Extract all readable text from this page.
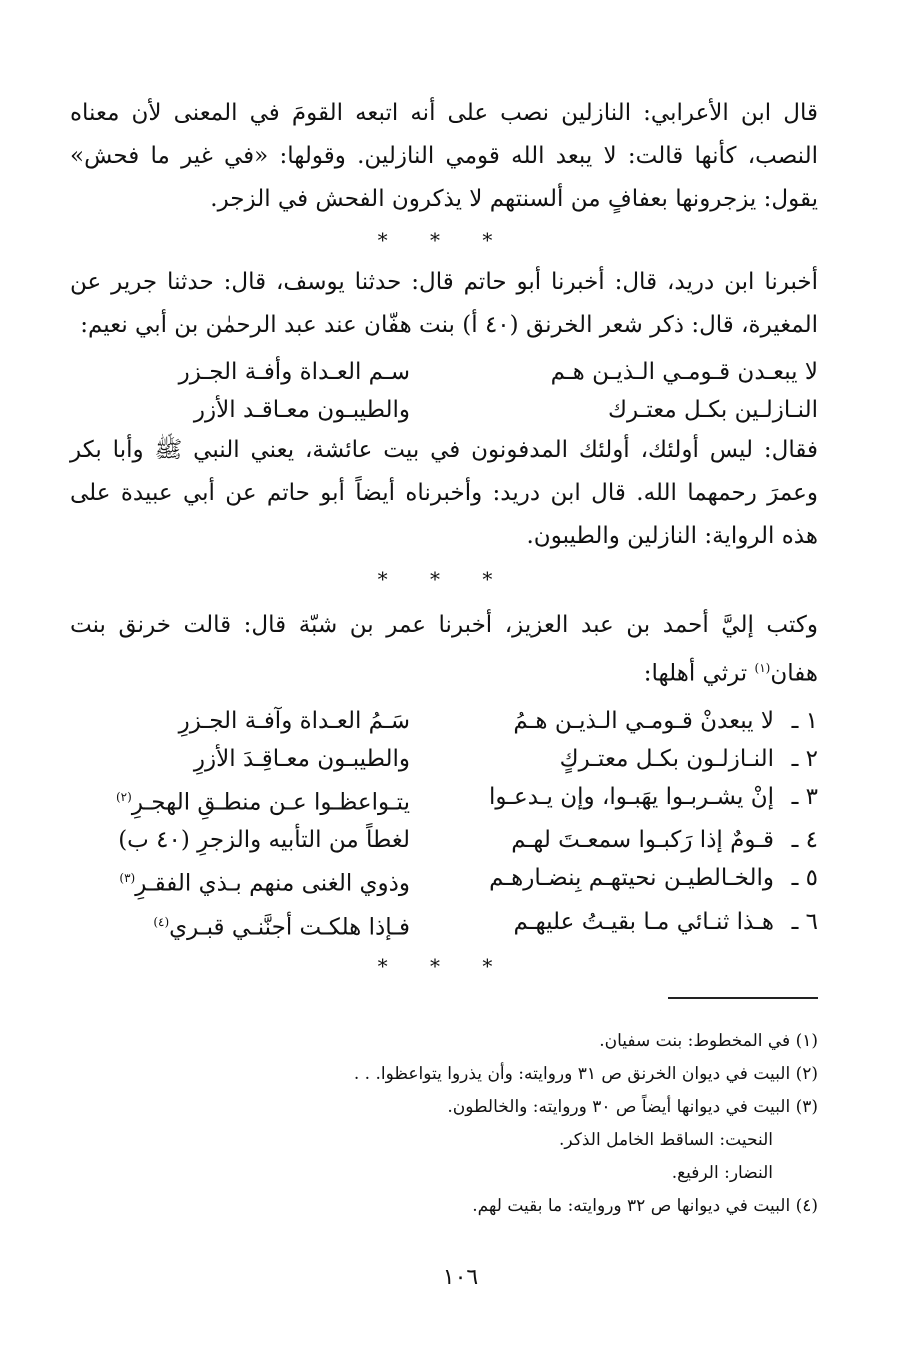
قال ابن الأعرابي: النازلين نصب على أنه اتبعه القومَ في المعنى لأن معناه النصب، كأنها قالت: لا يبعد الله قومي النازلين. وقولها: «في غير ما فحش» يقول: يزجرونها بعفافٍ من ألسنتهم لا يذكرون الفحش في الزجر.

* * *

أخبرنا ابن دريد، قال: أخبرنا أبو حاتم قال: حدثنا يوسف، قال: حدثنا جرير عن المغيرة، قال: ذكر شعر الخرنق (٤٠ أ) بنت هفّان عند عبد الرحمٰن بن أبي نعيم:

لا يبعـدن قـومـي الـذيـن هـم
سـم العـداة وأفـة الجـزر
النـازلـين بكـل معتـرك
والطيبـون معـاقـد الأزر

فقال: ليس أولئك، أولئك المدفونون في بيت عائشة، يعني النبي ﷺ وأبا بكر وعمرَ رحمهما الله. قال ابن دريد: وأخبرناه أيضاً أبو حاتم عن أبي عبيدة على هذه الرواية: النازلين والطيبون.

* * *

وكتب إليَّ أحمد بن عبد العزيز، أخبرنا عمر بن شبّة قال: قالت خرنق بنت هفان$^{(١)}$ ترثي أهلها:

١ ـلا يبعدنْ قـومـي الـذيـن هـمُ
سَـمُ العـداة وآفـة الجـزرِ
٢ ـالنـازلـون بكـل معتـركٍ
والطيبـون معـاقِـدَ الأزرِ
٣ ـإنْ يشـربـوا يهَبـوا، وإن يـدعـوا
يتـواعظـوا عـن منطـقِ الهجـرِ$^{(٢)}$
٤ ـقـومٌ إذا رَكبـوا سمعـتَ لهـم
لغطاً من التأبيه والزجرِ (٤٠ ب)
٥ ـوالخـالطيـن نحيتهـم بِنضـارهـم
وذوي الغنى منهم بـذي الفقـرِ$^{(٣)}$
٦ ـهـذا ثنـائي مـا بقيـتُ عليهـم
فـإذا هلكـت أجنَّنـي قبـري$^{(٤)}$

* * *

(١) في المخطوط: بنت سفيان.

(٢) البيت في ديوان الخرنق ص ٣١ وروايته: وأن يذروا يتواعظوا. . .

(٣) البيت في ديوانها أيضاً ص ٣٠ وروايته: والخالطون.

النحيت: الساقط الخامل الذكر.

النضار: الرفيع.

(٤) البيت في ديوانها ص ٣٢ وروايته: ما بقيت لهم.

١٠٦
